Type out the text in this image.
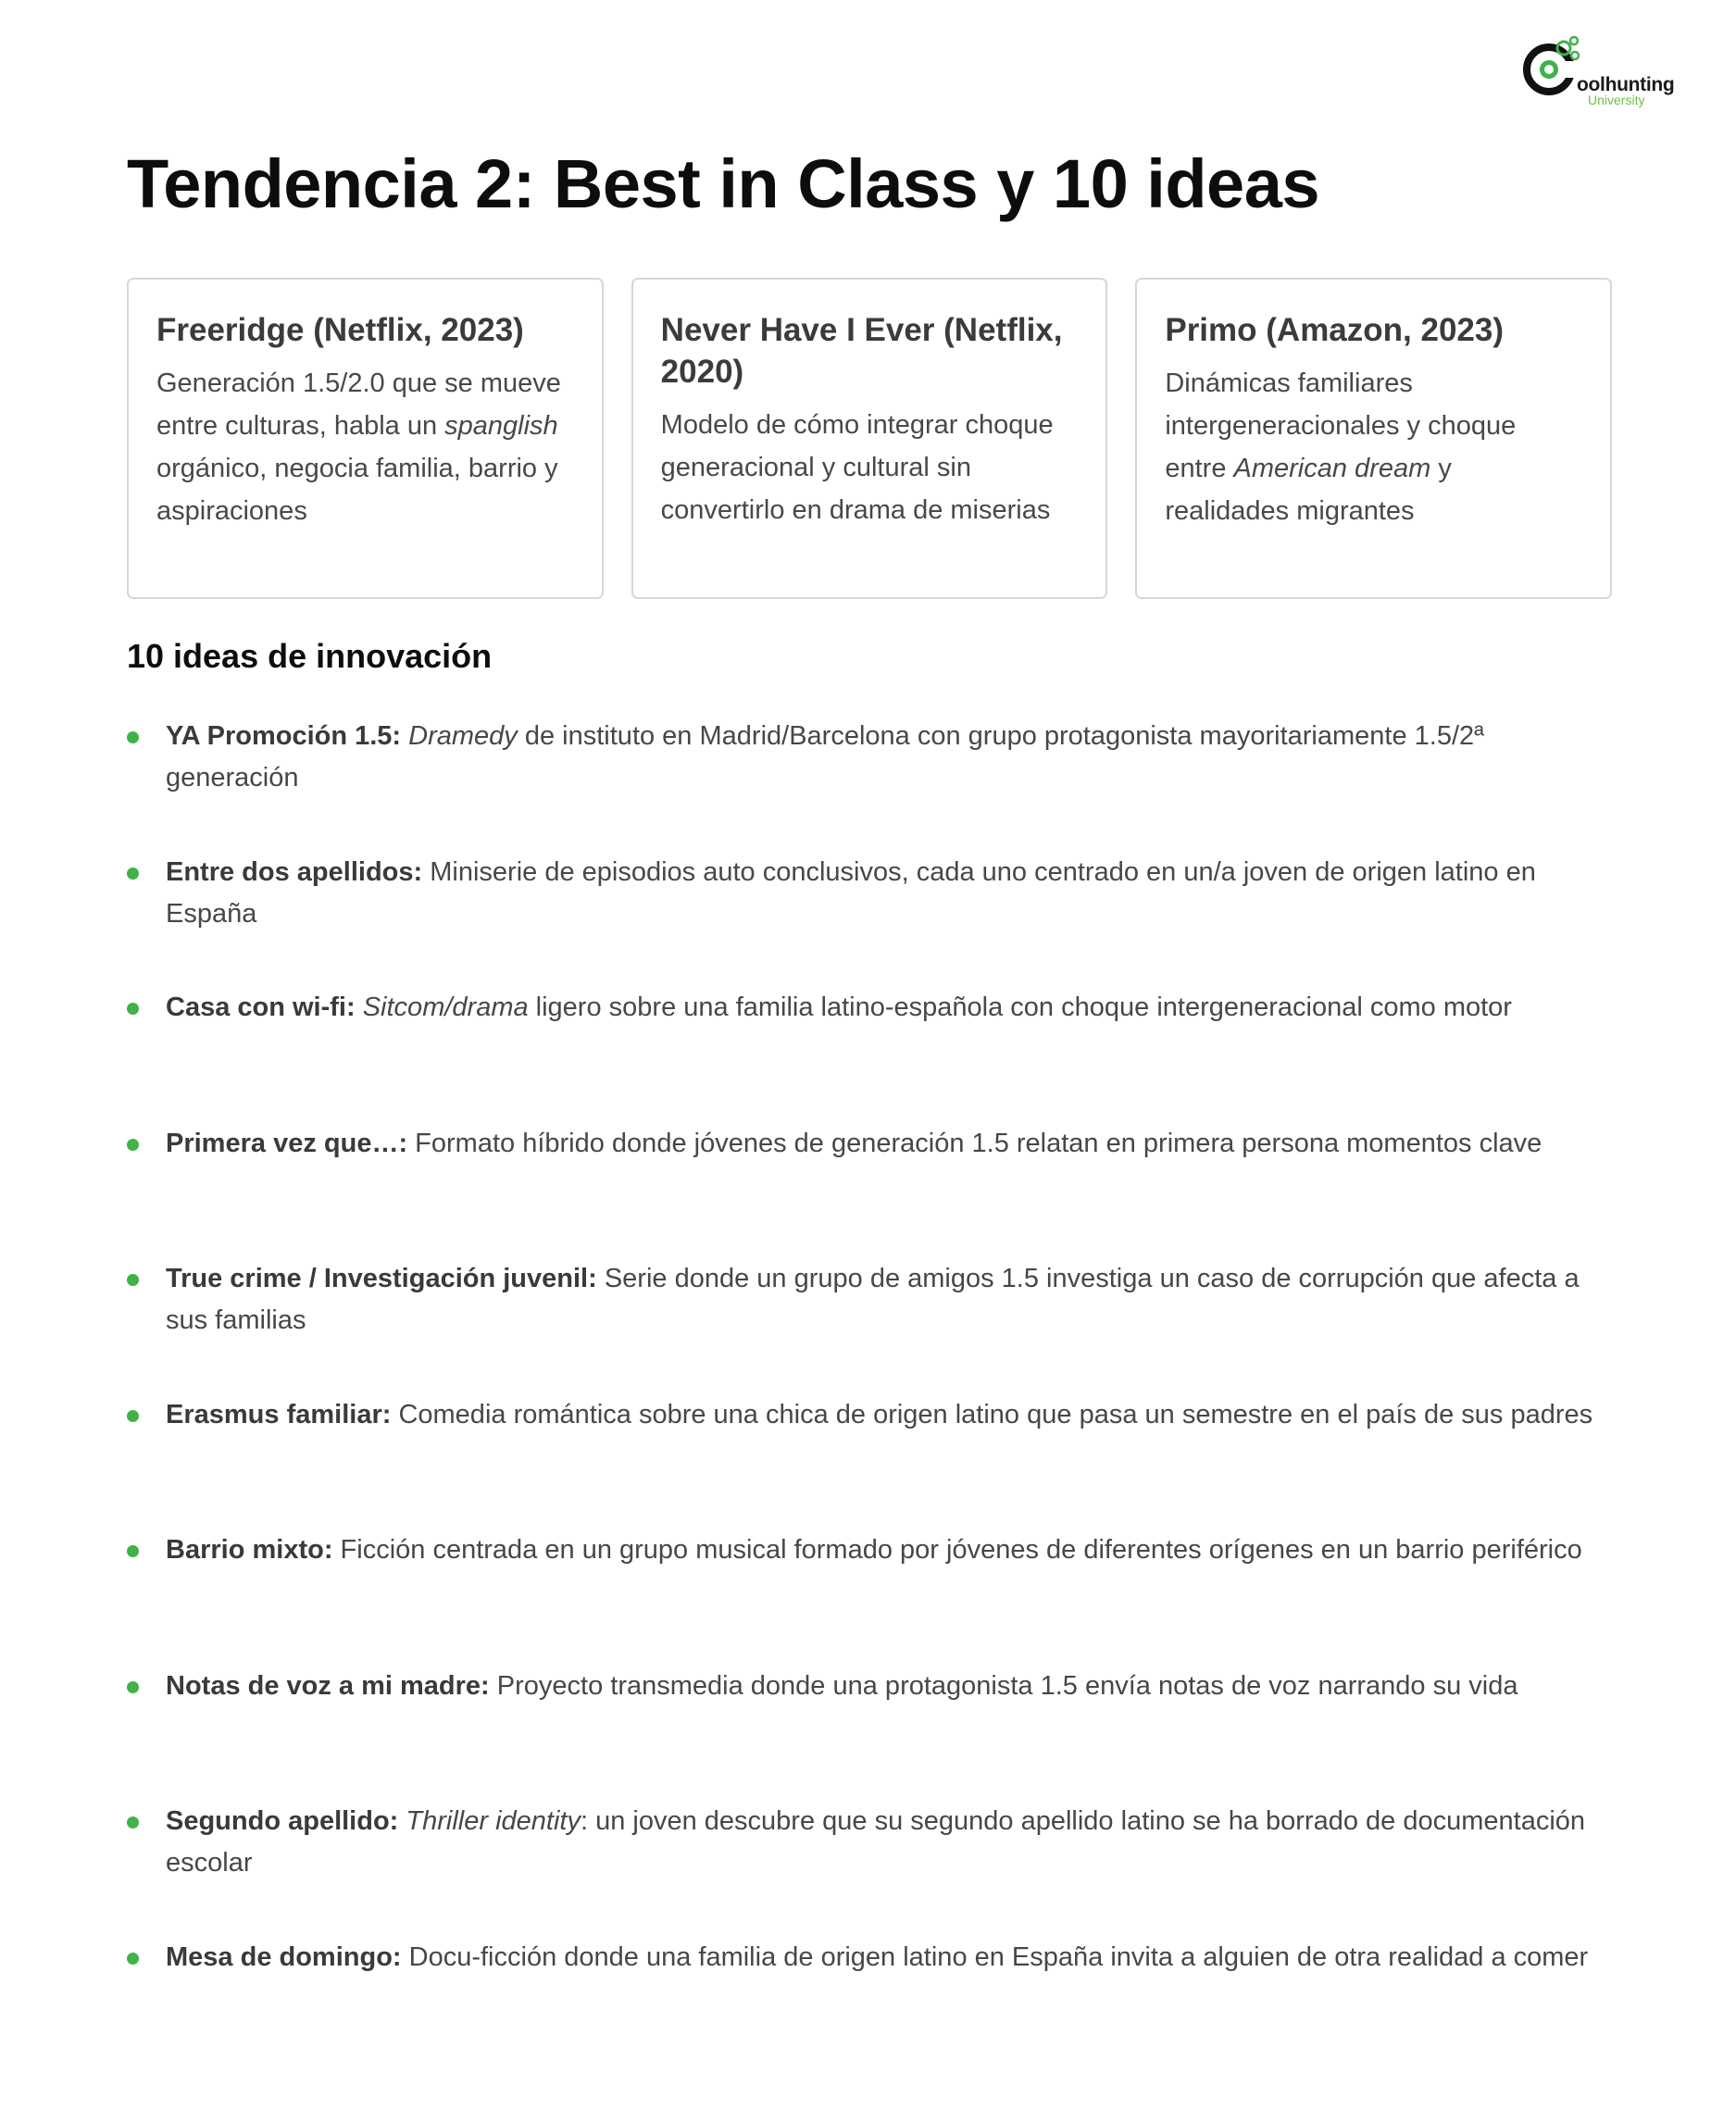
oolhunting
University
Tendencia 2: Best in Class y 10 ideas
Freeridge (Netflix, 2023)
Generación 1.5/2.0 que se mueve entre culturas, habla un spanglish orgánico, negocia familia, barrio y aspiraciones
Never Have I Ever (Netflix, 2020)
Modelo de cómo integrar choque generacional y cultural sin convertirlo en drama de miserias
Primo (Amazon, 2023)
Dinámicas familiares intergeneracionales y choque entre American dream y realidades migrantes
10 ideas de innovación
YA Promoción 1.5: Dramedy de instituto en Madrid/Barcelona con grupo protagonista mayoritariamente 1.5/2ª generación
Entre dos apellidos: Miniserie de episodios auto conclusivos, cada uno centrado en un/a joven de origen latino en España
Casa con wi-fi: Sitcom/drama ligero sobre una familia latino-española con choque intergeneracional como motor
Primera vez que…: Formato híbrido donde jóvenes de generación 1.5 relatan en primera persona momentos clave
True crime / Investigación juvenil: Serie donde un grupo de amigos 1.5 investiga un caso de corrupción que afecta a sus familias
Erasmus familiar: Comedia romántica sobre una chica de origen latino que pasa un semestre en el país de sus padres
Barrio mixto: Ficción centrada en un grupo musical formado por jóvenes de diferentes orígenes en un barrio periférico
Notas de voz a mi madre: Proyecto transmedia donde una protagonista 1.5 envía notas de voz narrando su vida
Segundo apellido: Thriller identity: un joven descubre que su segundo apellido latino se ha borrado de documentación escolar
Mesa de domingo: Docu-ficción donde una familia de origen latino en España invita a alguien de otra realidad a comer
